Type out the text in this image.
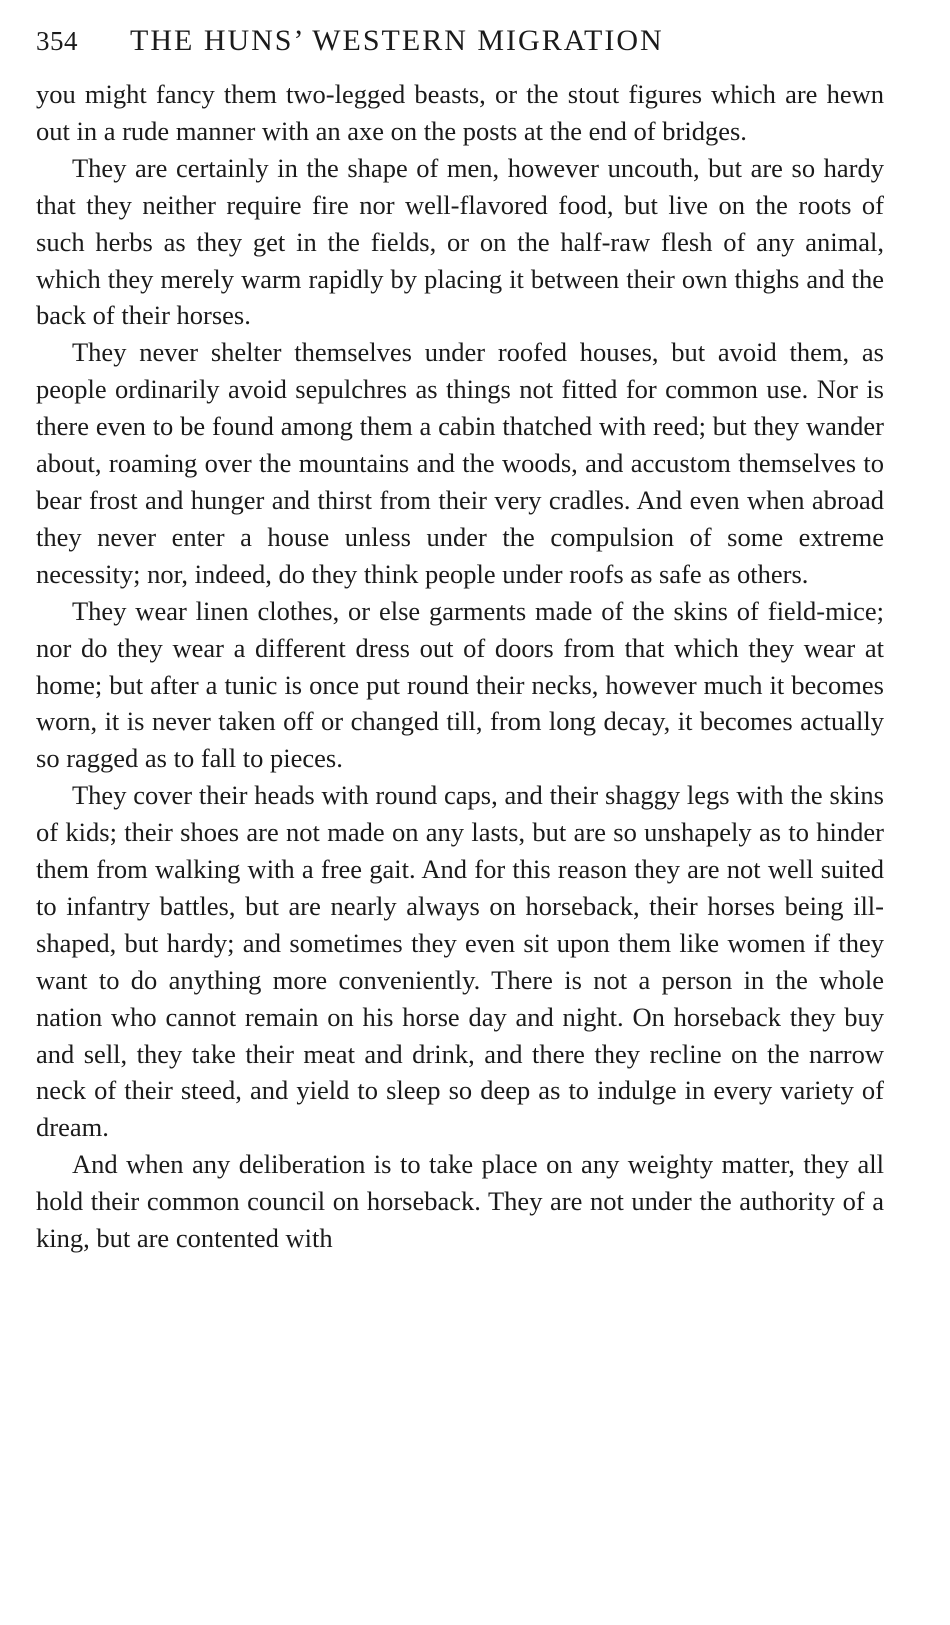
354	THE HUNS’ WESTERN MIGRATION

you might fancy them two-legged beasts, or the stout figures which are hewn out in a rude manner with an axe on the posts at the end of bridges.

They are certainly in the shape of men, however uncouth, but are so hardy that they neither require fire nor well-flavored food, but live on the roots of such herbs as they get in the fields, or on the half-raw flesh of any animal, which they merely warm rapidly by placing it between their own thighs and the back of their horses.

They never shelter themselves under roofed houses, but avoid them, as people ordinarily avoid sepulchres as things not fitted for common use. Nor is there even to be found among them a cabin thatched with reed; but they wander about, roaming over the mountains and the woods, and accustom themselves to bear frost and hunger and thirst from their very cradles. And even when abroad they never enter a house unless under the compulsion of some extreme necessity; nor, indeed, do they think people under roofs as safe as others.

They wear linen clothes, or else garments made of the skins of field-mice; nor do they wear a different dress out of doors from that which they wear at home; but after a tunic is once put round their necks, however much it becomes worn, it is never taken off or changed till, from long decay, it becomes actually so ragged as to fall to pieces.

They cover their heads with round caps, and their shaggy legs with the skins of kids; their shoes are not made on any lasts, but are so unshapely as to hinder them from walking with a free gait. And for this reason they are not well suited to infantry battles, but are nearly always on horseback, their horses being ill-shaped, but hardy; and sometimes they even sit upon them like women if they want to do anything more conveniently. There is not a person in the whole nation who cannot remain on his horse day and night. On horseback they buy and sell, they take their meat and drink, and there they recline on the narrow neck of their steed, and yield to sleep so deep as to indulge in every variety of dream.

And when any deliberation is to take place on any weighty matter, they all hold their common council on horseback. They are not under the authority of a king, but are contented with
